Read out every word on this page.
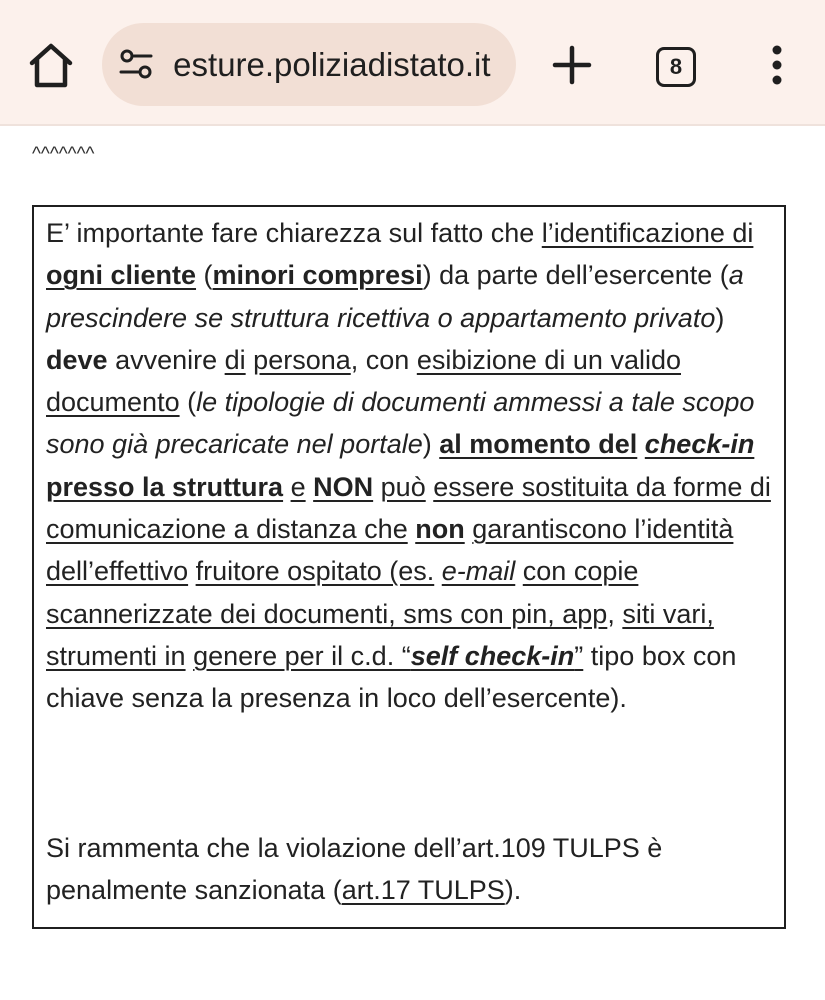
 esture.poliziadistato.it	8
^^^^^^^

E’ importante fare chiarezza sul fatto che l’identificazione di ogni cliente (minori compresi) da parte dell’esercente (a prescindere se struttura ricettiva o appartamento privato) deve avvenire di persona, con esibizione di un valido documento (le tipologie di documenti ammessi a tale scopo sono già precaricate nel portale) al momento del check-in presso la struttura e NON può essere sostituita da forme di comunicazione a distanza che non garantiscono l’identità dell’effettivo fruitore ospitato (es. e-mail con copie scannerizzate dei documenti, sms con pin, app, siti vari, strumenti in genere per il c.d. “self check-in” tipo box con chiave senza la presenza in loco dell’esercente).

Si rammenta che la violazione dell’art.109 TULPS è penalmente sanzionata (art.17 TULPS).
